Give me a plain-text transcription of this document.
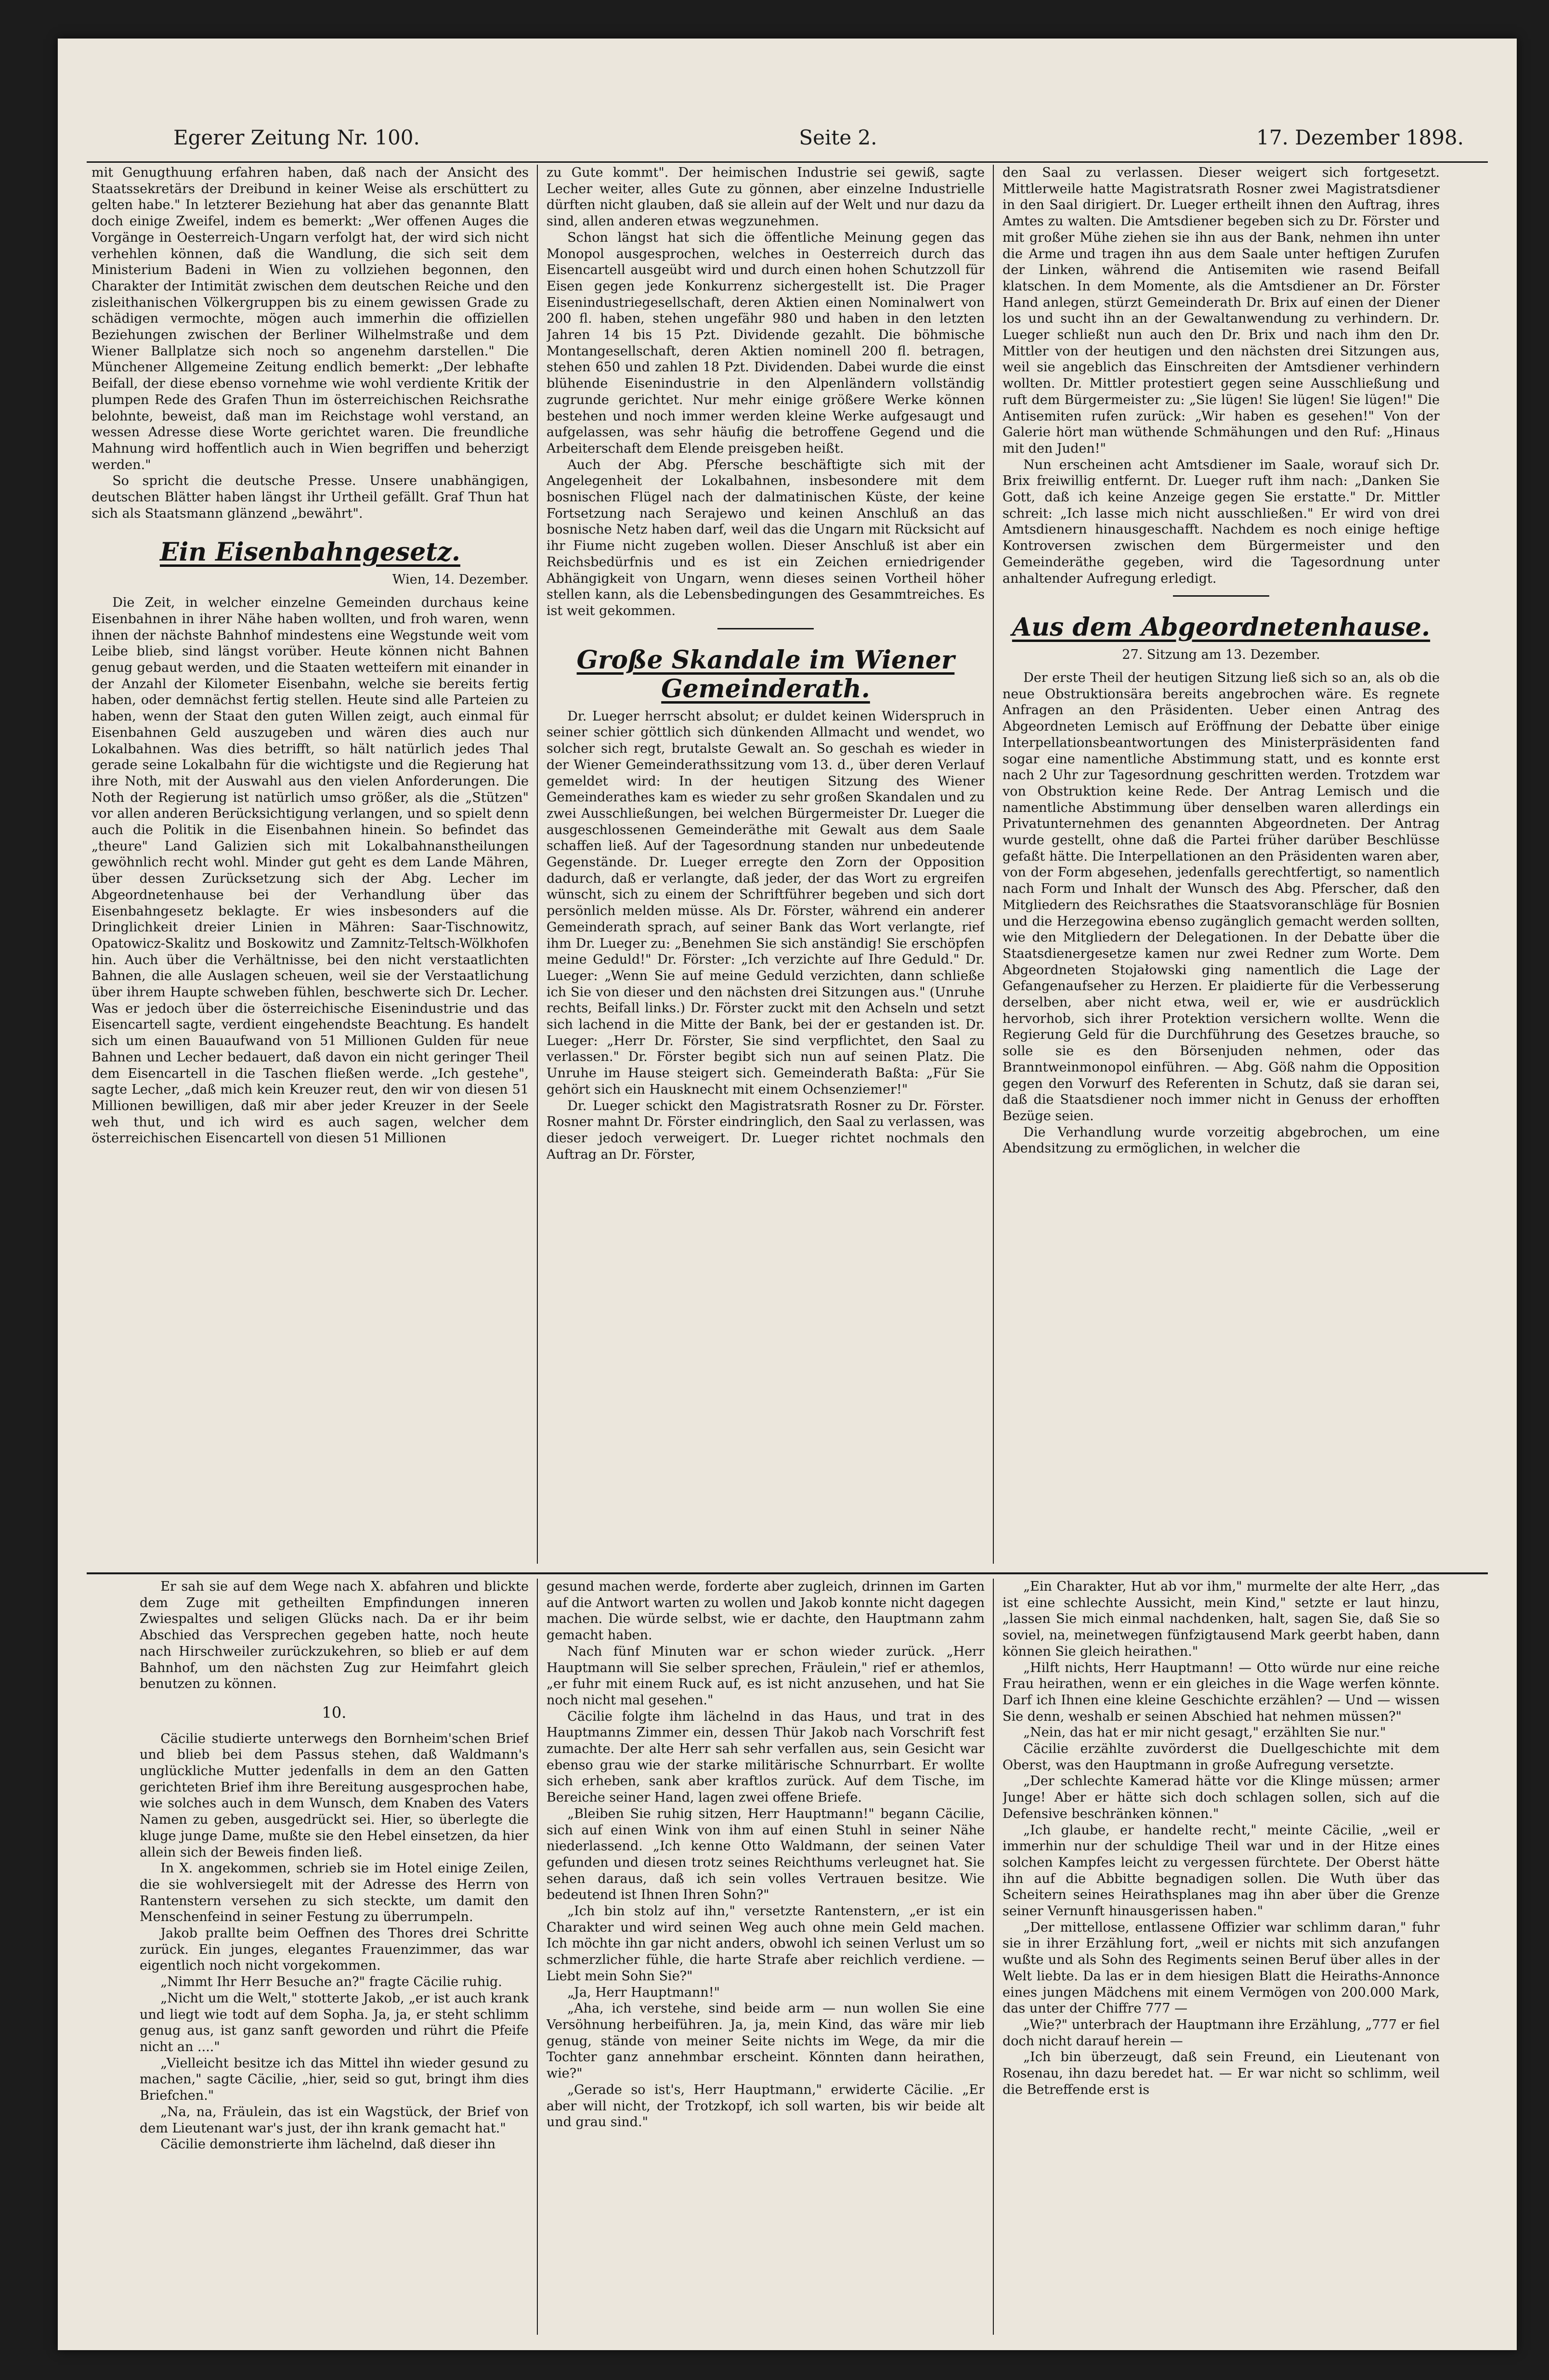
Egerer Zeitung Nr. 100.	Seite 2.	17. Dezember 1898.

mit Genugthuung erfahren haben, daß nach der Ansicht des Staatssekretärs der Dreibund in keiner Weise als erschüttert zu gelten habe." In letzterer Beziehung hat aber das genannte Blatt doch einige Zweifel, indem es bemerkt: „Wer offenen Auges die Vorgänge in Oesterreich-Ungarn verfolgt hat, der wird sich nicht verhehlen können, daß die Wandlung, die sich seit dem Ministerium Badeni in Wien zu vollziehen begonnen, den Charakter der Intimität zwischen dem deutschen Reiche und den zisleithanischen Völkergruppen bis zu einem gewissen Grade zu schädigen vermochte, mögen auch immerhin die offiziellen Beziehungen zwischen der Berliner Wilhelmstraße und dem Wiener Ballplatze sich noch so angenehm darstellen." Die Münchener Allgemeine Zeitung endlich bemerkt: „Der lebhafte Beifall, der diese ebenso vornehme wie wohl verdiente Kritik der plumpen Rede des Grafen Thun im österreichischen Reichsrathe belohnte, beweist, daß man im Reichstage wohl verstand, an wessen Adresse diese Worte gerichtet waren. Die freundliche Mahnung wird hoffentlich auch in Wien begriffen und beherzigt werden."

So spricht die deutsche Presse. Unsere unabhängigen, deutschen Blätter haben längst ihr Urtheil gefällt. Graf Thun hat sich als Staatsmann glänzend „bewährt".

Ein Eisenbahngesetz.
Wien, 14. Dezember.

Die Zeit, in welcher einzelne Gemeinden durchaus keine Eisenbahnen in ihrer Nähe haben wollten, und froh waren, wenn ihnen der nächste Bahnhof mindestens eine Wegstunde weit vom Leibe blieb, sind längst vorüber. Heute können nicht Bahnen genug gebaut werden, und die Staaten wetteifern mit einander in der Anzahl der Kilometer Eisenbahn, welche sie bereits fertig haben, oder demnächst fertig stellen. Heute sind alle Parteien zu haben, wenn der Staat den guten Willen zeigt, auch einmal für Eisenbahnen Geld auszugeben und wären dies auch nur Lokalbahnen. Was dies betrifft, so hält natürlich jedes Thal gerade seine Lokalbahn für die wichtigste und die Regierung hat ihre Noth, mit der Auswahl aus den vielen Anforderungen. Die Noth der Regierung ist natürlich umso größer, als die „Stützen" vor allen anderen Berücksichtigung verlangen, und so spielt denn auch die Politik in die Eisenbahnen hinein. So befindet das „theure" Land Galizien sich mit Lokalbahnanstheilungen gewöhnlich recht wohl. Minder gut geht es dem Lande Mähren, über dessen Zurücksetzung sich der Abg. Lecher im Abgeordnetenhause bei der Verhandlung über das Eisenbahngesetz beklagte. Er wies insbesonders auf die Dringlichkeit dreier Linien in Mähren: Saar-Tischnowitz, Opatowicz-Skalitz und Boskowitz und Zamnitz-Teltsch-Wölkhofen hin. Auch über die Verhältnisse, bei den nicht verstaatlichten Bahnen, die alle Auslagen scheuen, weil sie der Verstaatlichung über ihrem Haupte schweben fühlen, beschwerte sich Dr. Lecher. Was er jedoch über die österreichische Eisenindustrie und das Eisencartell sagte, verdient eingehendste Beachtung. Es handelt sich um einen Bauaufwand von 51 Millionen Gulden für neue Bahnen und Lecher bedauert, daß davon ein nicht geringer Theil dem Eisencartell in die Taschen fließen werde. „Ich gestehe", sagte Lecher, „daß mich kein Kreuzer reut, den wir von diesen 51 Millionen bewilligen, daß mir aber jeder Kreuzer in der Seele weh thut, und ich wird es auch sagen, welcher dem österreichischen Eisencartell von diesen 51 Millionen

zu Gute kommt". Der heimischen Industrie sei gewiß, sagte Lecher weiter, alles Gute zu gönnen, aber einzelne Industrielle dürften nicht glauben, daß sie allein auf der Welt und nur dazu da sind, allen anderen etwas wegzunehmen.

Schon längst hat sich die öffentliche Meinung gegen das Monopol ausgesprochen, welches in Oesterreich durch das Eisencartell ausgeübt wird und durch einen hohen Schutzzoll für Eisen gegen jede Konkurrenz sichergestellt ist. Die Prager Eisenindustriegesellschaft, deren Aktien einen Nominalwert von 200 fl. haben, stehen ungefähr 980 und haben in den letzten Jahren 14 bis 15 Pzt. Dividende gezahlt. Die böhmische Montangesellschaft, deren Aktien nominell 200 fl. betragen, stehen 650 und zahlen 18 Pzt. Dividenden. Dabei wurde die einst blühende Eisenindustrie in den Alpenländern vollständig zugrunde gerichtet. Nur mehr einige größere Werke können bestehen und noch immer werden kleine Werke aufgesaugt und aufgelassen, was sehr häufig die betroffene Gegend und die Arbeiterschaft dem Elende preisgeben heißt.

Auch der Abg. Pfersche beschäftigte sich mit der Angelegenheit der Lokalbahnen, insbesondere mit dem bosnischen Flügel nach der dalmatinischen Küste, der keine Fortsetzung nach Serajewo und keinen Anschluß an das bosnische Netz haben darf, weil das die Ungarn mit Rücksicht auf ihr Fiume nicht zugeben wollen. Dieser Anschluß ist aber ein Reichsbedürfnis und es ist ein Zeichen erniedrigender Abhängigkeit von Ungarn, wenn dieses seinen Vortheil höher stellen kann, als die Lebensbedingungen des Gesammtreiches. Es ist weit gekommen.

Große Skandale im Wiener Gemeinderath.

Dr. Lueger herrscht absolut; er duldet keinen Widerspruch in seiner schier göttlich sich dünkenden Allmacht und wendet, wo solcher sich regt, brutalste Gewalt an. So geschah es wieder in der Wiener Gemeinderathssitzung vom 13. d., über deren Verlauf gemeldet wird: In der heutigen Sitzung des Wiener Gemeinderathes kam es wieder zu sehr großen Skandalen und zu zwei Ausschließungen, bei welchen Bürgermeister Dr. Lueger die ausgeschlossenen Gemeinderäthe mit Gewalt aus dem Saale schaffen ließ. Auf der Tagesordnung standen nur unbedeutende Gegenstände. Dr. Lueger erregte den Zorn der Opposition dadurch, daß er verlangte, daß jeder, der das Wort zu ergreifen wünscht, sich zu einem der Schriftführer begeben und sich dort persönlich melden müsse. Als Dr. Förster, während ein anderer Gemeinderath sprach, auf seiner Bank das Wort verlangte, rief ihm Dr. Lueger zu: „Benehmen Sie sich anständig! Sie erschöpfen meine Geduld!" Dr. Förster: „Ich verzichte auf Ihre Geduld." Dr. Lueger: „Wenn Sie auf meine Geduld verzichten, dann schließe ich Sie von dieser und den nächsten drei Sitzungen aus." (Unruhe rechts, Beifall links.) Dr. Förster zuckt mit den Achseln und setzt sich lachend in die Mitte der Bank, bei der er gestanden ist. Dr. Lueger: „Herr Dr. Förster, Sie sind verpflichtet, den Saal zu verlassen." Dr. Förster begibt sich nun auf seinen Platz. Die Unruhe im Hause steigert sich. Gemeinderath Baßta: „Für Sie gehört sich ein Hausknecht mit einem Ochsenziemer!"

Dr. Lueger schickt den Magistratsrath Rosner zu Dr. Förster. Rosner mahnt Dr. Förster eindringlich, den Saal zu verlassen, was dieser jedoch verweigert. Dr. Lueger richtet nochmals den Auftrag an Dr. Förster,

den Saal zu verlassen. Dieser weigert sich fortgesetzt. Mittlerweile hatte Magistratsrath Rosner zwei Magistratsdiener in den Saal dirigiert. Dr. Lueger ertheilt ihnen den Auftrag, ihres Amtes zu walten. Die Amtsdiener begeben sich zu Dr. Förster und mit großer Mühe ziehen sie ihn aus der Bank, nehmen ihn unter die Arme und tragen ihn aus dem Saale unter heftigen Zurufen der Linken, während die Antisemiten wie rasend Beifall klatschen. In dem Momente, als die Amtsdiener an Dr. Förster Hand anlegen, stürzt Gemeinderath Dr. Brix auf einen der Diener los und sucht ihn an der Gewaltanwendung zu verhindern. Dr. Lueger schließt nun auch den Dr. Brix und nach ihm den Dr. Mittler von der heutigen und den nächsten drei Sitzungen aus, weil sie angeblich das Einschreiten der Amtsdiener verhindern wollten. Dr. Mittler protestiert gegen seine Ausschließung und ruft dem Bürgermeister zu: „Sie lügen! Sie lügen! Sie lügen!" Die Antisemiten rufen zurück: „Wir haben es gesehen!" Von der Galerie hört man wüthende Schmähungen und den Ruf: „Hinaus mit den Juden!"

Nun erscheinen acht Amtsdiener im Saale, worauf sich Dr. Brix freiwillig entfernt. Dr. Lueger ruft ihm nach: „Danken Sie Gott, daß ich keine Anzeige gegen Sie erstatte." Dr. Mittler schreit: „Ich lasse mich nicht ausschließen." Er wird von drei Amtsdienern hinausgeschafft. Nachdem es noch einige heftige Kontroversen zwischen dem Bürgermeister und den Gemeinderäthe gegeben, wird die Tagesordnung unter anhaltender Aufregung erledigt.

Aus dem Abgeordnetenhause.
27. Sitzung am 13. Dezember.

Der erste Theil der heutigen Sitzung ließ sich so an, als ob die neue Obstruktionsära bereits angebrochen wäre. Es regnete Anfragen an den Präsidenten. Ueber einen Antrag des Abgeordneten Lemisch auf Eröffnung der Debatte über einige Interpellationsbeantwortungen des Ministerpräsidenten fand sogar eine namentliche Abstimmung statt, und es konnte erst nach 2 Uhr zur Tagesordnung geschritten werden. Trotzdem war von Obstruktion keine Rede. Der Antrag Lemisch und die namentliche Abstimmung über denselben waren allerdings ein Privatunternehmen des genannten Abgeordneten. Der Antrag wurde gestellt, ohne daß die Partei früher darüber Beschlüsse gefaßt hätte. Die Interpellationen an den Präsidenten waren aber, von der Form abgesehen, jedenfalls gerechtfertigt, so namentlich nach Form und Inhalt der Wunsch des Abg. Pferscher, daß den Mitgliedern des Reichsrathes die Staatsvoranschläge für Bosnien und die Herzegowina ebenso zugänglich gemacht werden sollten, wie den Mitgliedern der Delegationen. In der Debatte über die Staatsdienergesetze kamen nur zwei Redner zum Worte. Dem Abgeordneten Stojałowski ging namentlich die Lage der Gefangenaufseher zu Herzen. Er plaidierte für die Verbesserung derselben, aber nicht etwa, weil er, wie er ausdrücklich hervorhob, sich ihrer Protektion versichern wollte. Wenn die Regierung Geld für die Durchführung des Gesetzes brauche, so solle sie es den Börsenjuden nehmen, oder das Branntweinmonopol einführen. — Abg. Göß nahm die Opposition gegen den Vorwurf des Referenten in Schutz, daß sie daran sei, daß die Staatsdiener noch immer nicht in Genuss der erhofften Bezüge seien.

Die Verhandlung wurde vorzeitig abgebrochen, um eine Abendsitzung zu ermöglichen, in welcher die

Er sah sie auf dem Wege nach X. abfahren und blickte dem Zuge mit getheilten Empfindungen inneren Zwiespaltes und seligen Glücks nach. Da er ihr beim Abschied das Versprechen gegeben hatte, noch heute nach Hirschweiler zurückzukehren, so blieb er auf dem Bahnhof, um den nächsten Zug zur Heimfahrt gleich benutzen zu können.

10.

Cäcilie studierte unterwegs den Bornheim'schen Brief und blieb bei dem Passus stehen, daß Waldmann's unglückliche Mutter jedenfalls in dem an den Gatten gerichteten Brief ihm ihre Bereitung ausgesprochen habe, wie solches auch in dem Wunsch, dem Knaben des Vaters Namen zu geben, ausgedrückt sei. Hier, so überlegte die kluge junge Dame, mußte sie den Hebel einsetzen, da hier allein sich der Beweis finden ließ.

In X. angekommen, schrieb sie im Hotel einige Zeilen, die sie wohlversiegelt mit der Adresse des Herrn von Rantenstern versehen zu sich steckte, um damit den Menschenfeind in seiner Festung zu überrumpeln.

Jakob prallte beim Oeffnen des Thores drei Schritte zurück. Ein junges, elegantes Frauenzimmer, das war eigentlich noch nicht vorgekommen.

„Nimmt Ihr Herr Besuche an?" fragte Cäcilie ruhig.

„Nicht um die Welt," stotterte Jakob, „er ist auch krank und liegt wie todt auf dem Sopha. Ja, ja, er steht schlimm genug aus, ist ganz sanft geworden und rührt die Pfeife nicht an ...."

„Vielleicht besitze ich das Mittel ihn wieder gesund zu machen," sagte Cäcilie, „hier, seid so gut, bringt ihm dies Briefchen."

„Na, na, Fräulein, das ist ein Wagstück, der Brief von dem Lieutenant war's just, der ihn krank gemacht hat."

Cäcilie demonstrierte ihm lächelnd, daß dieser ihn

gesund machen werde, forderte aber zugleich, drinnen im Garten auf die Antwort warten zu wollen und Jakob konnte nicht dagegen machen. Die würde selbst, wie er dachte, den Hauptmann zahm gemacht haben.

Nach fünf Minuten war er schon wieder zurück. „Herr Hauptmann will Sie selber sprechen, Fräulein," rief er athemlos, „er fuhr mit einem Ruck auf, es ist nicht anzusehen, und hat Sie noch nicht mal gesehen."

Cäcilie folgte ihm lächelnd in das Haus, und trat in des Hauptmanns Zimmer ein, dessen Thür Jakob nach Vorschrift fest zumachte. Der alte Herr sah sehr verfallen aus, sein Gesicht war ebenso grau wie der starke militärische Schnurrbart. Er wollte sich erheben, sank aber kraftlos zurück. Auf dem Tische, im Bereiche seiner Hand, lagen zwei offene Briefe.

„Bleiben Sie ruhig sitzen, Herr Hauptmann!" begann Cäcilie, sich auf einen Wink von ihm auf einen Stuhl in seiner Nähe niederlassend. „Ich kenne Otto Waldmann, der seinen Vater gefunden und diesen trotz seines Reichthums verleugnet hat. Sie sehen daraus, daß ich sein volles Vertrauen besitze. Wie bedeutend ist Ihnen Ihren Sohn?"

„Ich bin stolz auf ihn," versetzte Rantenstern, „er ist ein Charakter und wird seinen Weg auch ohne mein Geld machen. Ich möchte ihn gar nicht anders, obwohl ich seinen Verlust um so schmerzlicher fühle, die harte Strafe aber reichlich verdiene. — Liebt mein Sohn Sie?"

„Ja, Herr Hauptmann!"

„Aha, ich verstehe, sind beide arm — nun wollen Sie eine Versöhnung herbeiführen. Ja, ja, mein Kind, das wäre mir lieb genug, stände von meiner Seite nichts im Wege, da mir die Tochter ganz annehmbar erscheint. Könnten dann heirathen, wie?"

„Gerade so ist's, Herr Hauptmann," erwiderte Cäcilie. „Er aber will nicht, der Trotzkopf, ich soll warten, bis wir beide alt und grau sind."

„Ein Charakter, Hut ab vor ihm," murmelte der alte Herr, „das ist eine schlechte Aussicht, mein Kind," setzte er laut hinzu, „lassen Sie mich einmal nachdenken, halt, sagen Sie, daß Sie so soviel, na, meinetwegen fünfzigtausend Mark geerbt haben, dann können Sie gleich heirathen."

„Hilft nichts, Herr Hauptmann! — Otto würde nur eine reiche Frau heirathen, wenn er ein gleiches in die Wage werfen könnte. Darf ich Ihnen eine kleine Geschichte erzählen? — Und — wissen Sie denn, weshalb er seinen Abschied hat nehmen müssen?"

„Nein, das hat er mir nicht gesagt," erzählten Sie nur."

Cäcilie erzählte zuvörderst die Duellgeschichte mit dem Oberst, was den Hauptmann in große Aufregung versetzte.

„Der schlechte Kamerad hätte vor die Klinge müssen; armer Junge! Aber er hätte sich doch schlagen sollen, sich auf die Defensive beschränken können."

„Ich glaube, er handelte recht," meinte Cäcilie, „weil er immerhin nur der schuldige Theil war und in der Hitze eines solchen Kampfes leicht zu vergessen fürchtete. Der Oberst hätte ihn auf die Abbitte begnadigen sollen. Die Wuth über das Scheitern seines Heirathsplanes mag ihn aber über die Grenze seiner Vernunft hinausgerissen haben."

„Der mittellose, entlassene Offizier war schlimm daran," fuhr sie in ihrer Erzählung fort, „weil er nichts mit sich anzufangen wußte und als Sohn des Regiments seinen Beruf über alles in der Welt liebte. Da las er in dem hiesigen Blatt die Heiraths-Annonce eines jungen Mädchens mit einem Vermögen von 200.000 Mark, das unter der Chiffre 777 —

„Wie?" unterbrach der Hauptmann ihre Erzählung, „777 er fiel doch nicht darauf herein —

„Ich bin überzeugt, daß sein Freund, ein Lieutenant von Rosenau, ihn dazu beredet hat. — Er war nicht so schlimm, weil die Betreffende erst is
